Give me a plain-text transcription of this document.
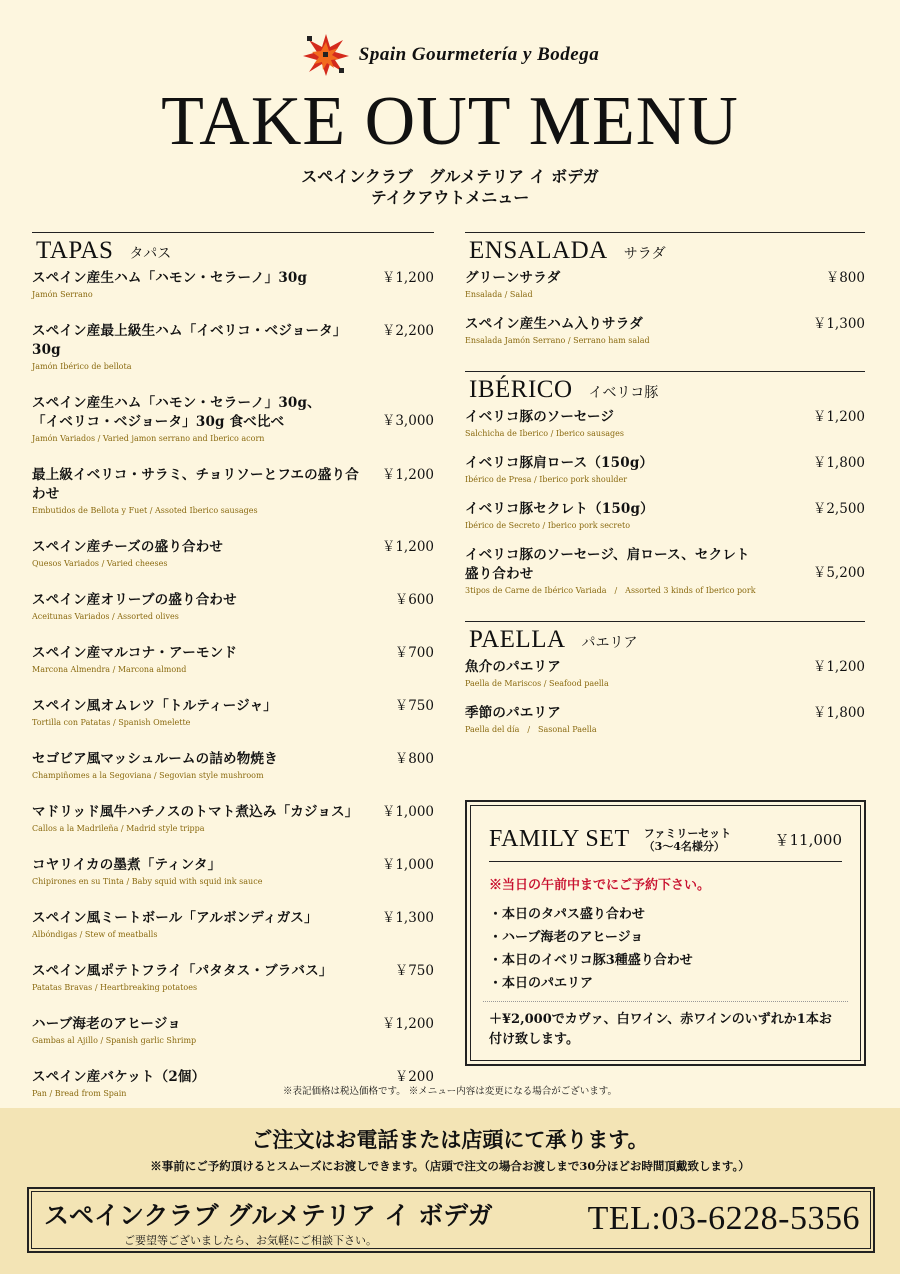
Spain Gourmetería y Bodega
TAKE OUT MENU
スペインクラブ　グルメテリア イ ボデガ
テイクアウトメニュー
TAPAS タパス
スペイン産生ハム「ハモン・セラーノ」30g
Jamón Serrano
￥1,200
スペイン産最上級生ハム「イベリコ・ベジョータ」30g
Jamón Ibérico de bellota
￥2,200
スペイン産生ハム「ハモン・セラーノ」30g、
「イベリコ・ベジョータ」30g 食べ比べ
Jamón Variados / Varied jamon serrano and Iberico acorn
￥3,000
最上級イベリコ・サラミ、チョリソーとフエの盛り合わせ
Embutidos de Bellota y Fuet / Assoted Iberico sausages
￥1,200
スペイン産チーズの盛り合わせ
Quesos Variados / Varied cheeses
￥1,200
スペイン産オリーブの盛り合わせ
Aceitunas Variados / Assorted olives
￥600
スペイン産マルコナ・アーモンド
Marcona Almendra / Marcona almond
￥700
スペイン風オムレツ「トルティージャ」
Tortilla con Patatas / Spanish Omelette
￥750
セゴビア風マッシュルームの詰め物焼き
Champiñomes a la Segoviana / Segovian style mushroom
￥800
マドリッド風牛ハチノスのトマト煮込み「カジョス」
Callos a la Madrileña / Madrid style trippa
￥1,000
コヤリイカの墨煮「ティンタ」
Chipirones en su Tinta / Baby squid with squid ink sauce
￥1,000
スペイン風ミートボール「アルボンディガス」
Albóndigas / Stew of meatballs
￥1,300
スペイン風ポテトフライ「パタタス・ブラバス」
Patatas Bravas / Heartbreaking potatoes
￥750
ハーブ海老のアヒージョ
Gambas al Ajillo / Spanish garlic Shrimp
￥1,200
スペイン産バケット（2個）
Pan / Bread from Spain
￥200
ENSALADA サラダ
グリーンサラダ
Ensalada / Salad
￥800
スペイン産生ハム入りサラダ
Ensalada Jamón Serrano / Serrano ham salad
￥1,300
IBÉRICO イベリコ豚
イベリコ豚のソーセージ
Salchicha de Iberico / Iberico sausages
￥1,200
イベリコ豚肩ロース（150g）
Ibérico de Presa / Iberico pork shoulder
￥1,800
イベリコ豚セクレト（150g）
Ibérico de Secreto / Iberico pork secreto
￥2,500
イベリコ豚のソーセージ、肩ロース、セクレト
盛り合わせ
3tipos de Carne de Ibérico Variada　/　Assorted 3 kinds of Iberico pork
￥5,200
PAELLA パエリア
魚介のパエリア
Paella de Mariscos / Seafood paella
￥1,200
季節のパエリア
Paella del día　/　Sasonal Paella
￥1,800
FAMILY SET ファミリーセット
（3～4名様分）	￥11,000
※当日の午前中までにご予約下さい。
・本日のタパス盛り合わせ
・ハーブ海老のアヒージョ
・本日のイベリコ豚3種盛り合わせ
・本日のパエリア
＋¥2,000でカヴァ、白ワイン、赤ワインのいずれか1本お付け致します。
※表記価格は税込価格です。 ※メニュー内容は変更になる場合がございます。
ご注文はお電話または店頭にて承ります。
※事前にご予約頂けるとスムーズにお渡しできます。（店頭で注文の場合お渡しまで30分ほどお時間頂戴致します。）
スペインクラブ グルメテリア イ ボデガ
ご要望等ございましたら、お気軽にご相談下さい。
TEL:03-6228-5356
